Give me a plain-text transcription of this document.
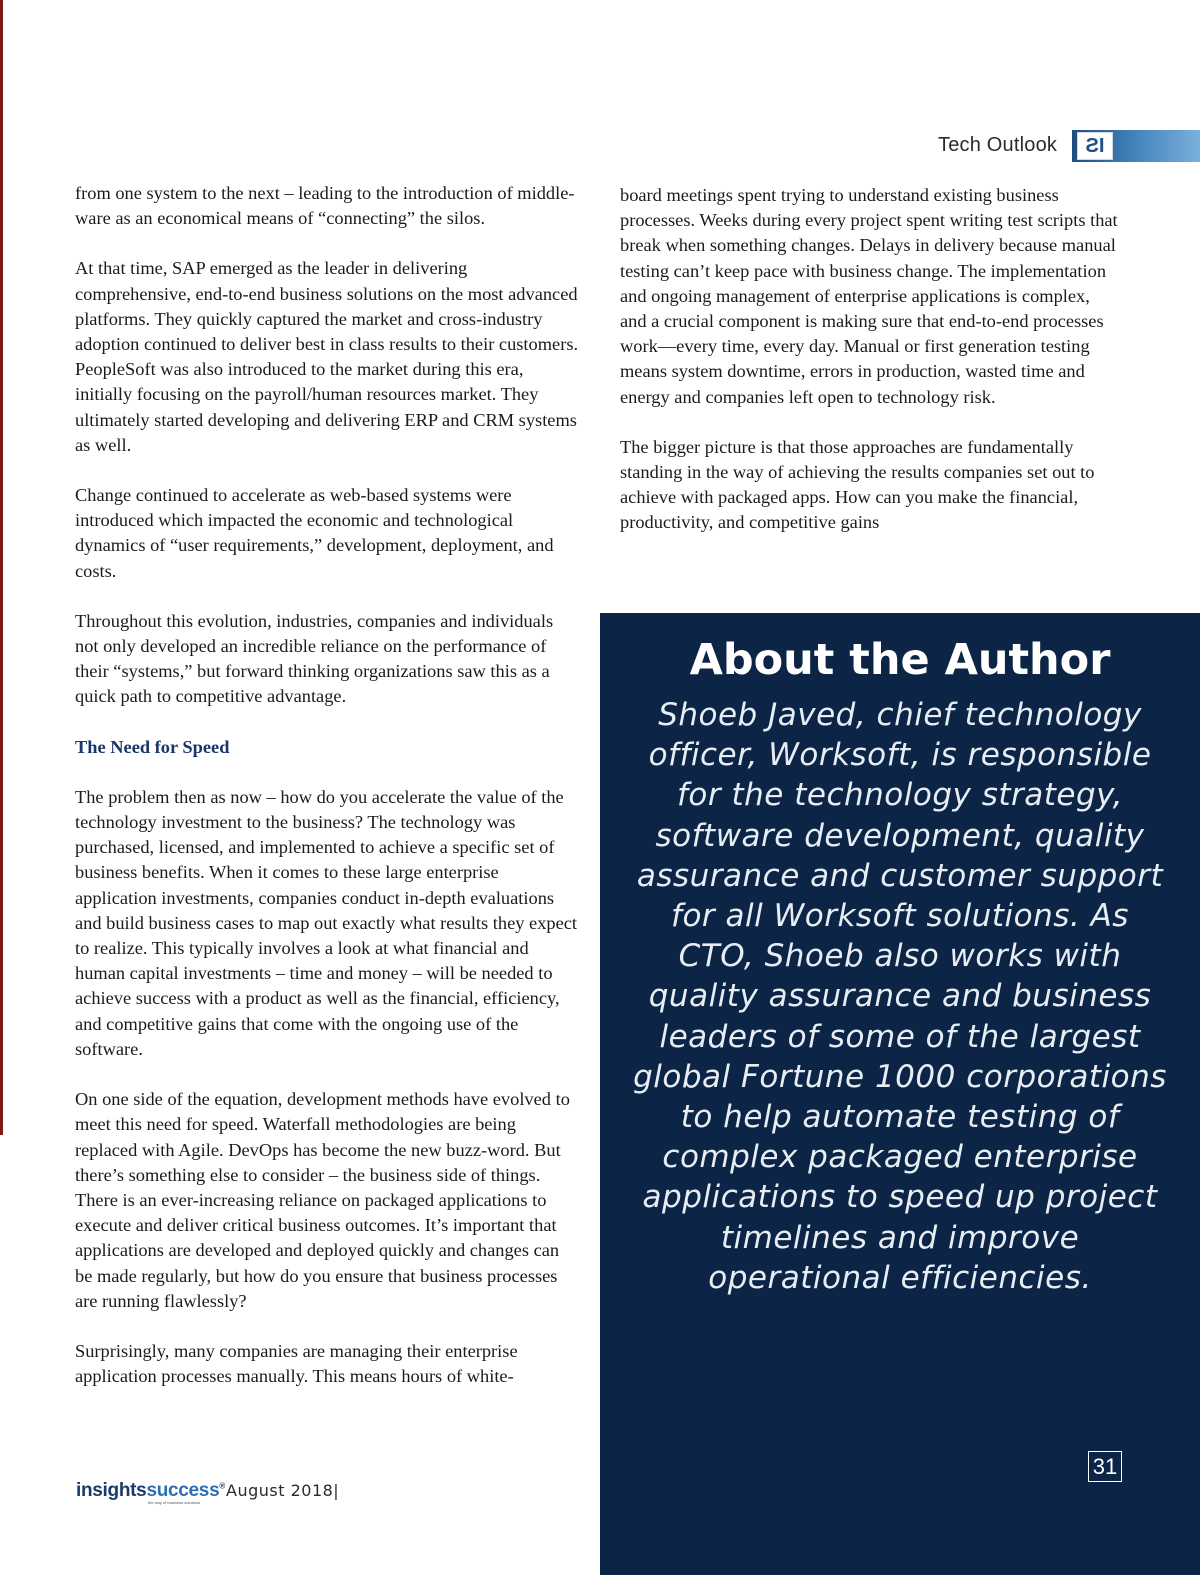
Tech Outlook	IS

from one system to the next – leading to the introduction of middle-ware as an economical means of “connecting” the silos.

At that time, SAP emerged as the leader in delivering comprehensive, end-to-end business solutions on the most advanced platforms. They quickly captured the market and cross-industry adoption continued to deliver best in class results to their customers. PeopleSoft was also introduced to the market during this era, initially focusing on the payroll/human resources market. They ultimately started developing and delivering ERP and CRM systems as well.

Change continued to accelerate as web-based systems were introduced which impacted the economic and technological dynamics of “user requirements,” development, deployment, and costs.

Throughout this evolution, industries, companies and individuals not only developed an incredible reliance on the performance of their “systems,” but forward thinking organizations saw this as a quick path to competitive advantage.

The Need for Speed

The problem then as now – how do you accelerate the value of the technology investment to the business? The technology was purchased, licensed, and implemented to achieve a specific set of business benefits. When it comes to these large enterprise application investments, companies conduct in-depth evaluations and build business cases to map out exactly what results they expect to realize. This typically involves a look at what financial and human capital investments – time and money – will be needed to achieve success with a product as well as the financial, efficiency, and competitive gains that come with the ongoing use of the software.

On one side of the equation, development methods have evolved to meet this need for speed. Waterfall methodologies are being replaced with Agile. DevOps has become the new buzz-word. But there’s something else to consider – the business side of things. There is an ever-increasing reliance on packaged applications to execute and deliver critical business outcomes. It’s important that applications are developed and deployed quickly and changes can be made regularly, but how do you ensure that business processes are running flawlessly?

Surprisingly, many companies are managing their enterprise application processes manually. This means hours of white-

board meetings spent trying to understand existing business processes. Weeks during every project spent writing test scripts that break when something changes. Delays in delivery because manual testing can’t keep pace with business change. The implementation and ongoing management of enterprise applications is complex, and a crucial component is making sure that end-to-end processes work—every time, every day. Manual or first generation testing means system downtime, errors in production, wasted time and energy and companies left open to technology risk.

The bigger picture is that those approaches are fundamentally standing in the way of achieving the results companies set out to achieve with packaged apps. How can you make the financial, productivity, and competitive gains

About the Author
Shoeb Javed, chief technology officer, Worksoft, is responsible for the technology strategy, software development, quality assurance and customer support for all Worksoft solutions. As CTO, Shoeb also works with quality assurance and business leaders of some of the largest global Fortune 1000 corporations to help automate testing of complex packaged enterprise applications to speed up project timelines and improve operational efficiencies.
31
insightssuccess®
the way of business solutions
August 2018|
